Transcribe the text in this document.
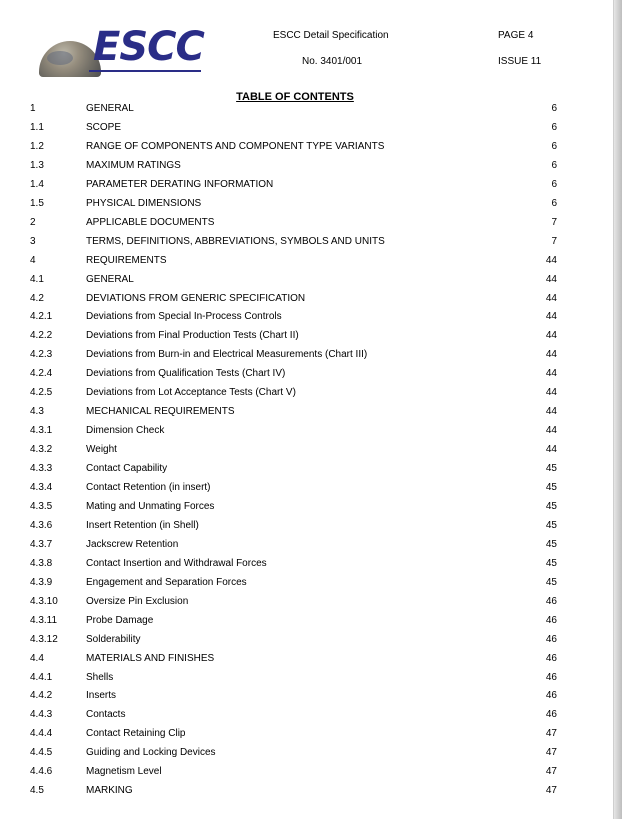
ESCC	ESCC Detail Specification
No. 3401/001
PAGE 4
ISSUE 11
TABLE OF CONTENTS
1	GENERAL	6
1.1	SCOPE	6
1.2	RANGE OF COMPONENTS AND COMPONENT TYPE VARIANTS	6
1.3	MAXIMUM RATINGS	6
1.4	PARAMETER DERATING INFORMATION	6
1.5	PHYSICAL DIMENSIONS	6
2	APPLICABLE DOCUMENTS	7
3	TERMS, DEFINITIONS, ABBREVIATIONS, SYMBOLS AND UNITS	7
4	REQUIREMENTS	44
4.1	GENERAL	44
4.2	DEVIATIONS FROM GENERIC SPECIFICATION	44
4.2.1	Deviations from Special In-Process Controls	44
4.2.2	Deviations from Final Production Tests (Chart II)	44
4.2.3	Deviations from Burn-in and Electrical Measurements (Chart III)	44
4.2.4	Deviations from Qualification Tests (Chart IV)	44
4.2.5	Deviations from Lot Acceptance Tests (Chart V)	44
4.3	MECHANICAL REQUIREMENTS	44
4.3.1	Dimension Check	44
4.3.2	Weight	44
4.3.3	Contact Capability	45
4.3.4	Contact Retention (in insert)	45
4.3.5	Mating and Unmating Forces	45
4.3.6	Insert Retention (in Shell)	45
4.3.7	Jackscrew Retention	45
4.3.8	Contact Insertion and Withdrawal Forces	45
4.3.9	Engagement and Separation Forces	45
4.3.10	Oversize Pin Exclusion	46
4.3.11	Probe Damage	46
4.3.12	Solderability	46
4.4	MATERIALS AND FINISHES	46
4.4.1	Shells	46
4.4.2	Inserts	46
4.4.3	Contacts	46
4.4.4	Contact Retaining Clip	47
4.4.5	Guiding and Locking Devices	47
4.4.6	Magnetism Level	47
4.5	MARKING	47
